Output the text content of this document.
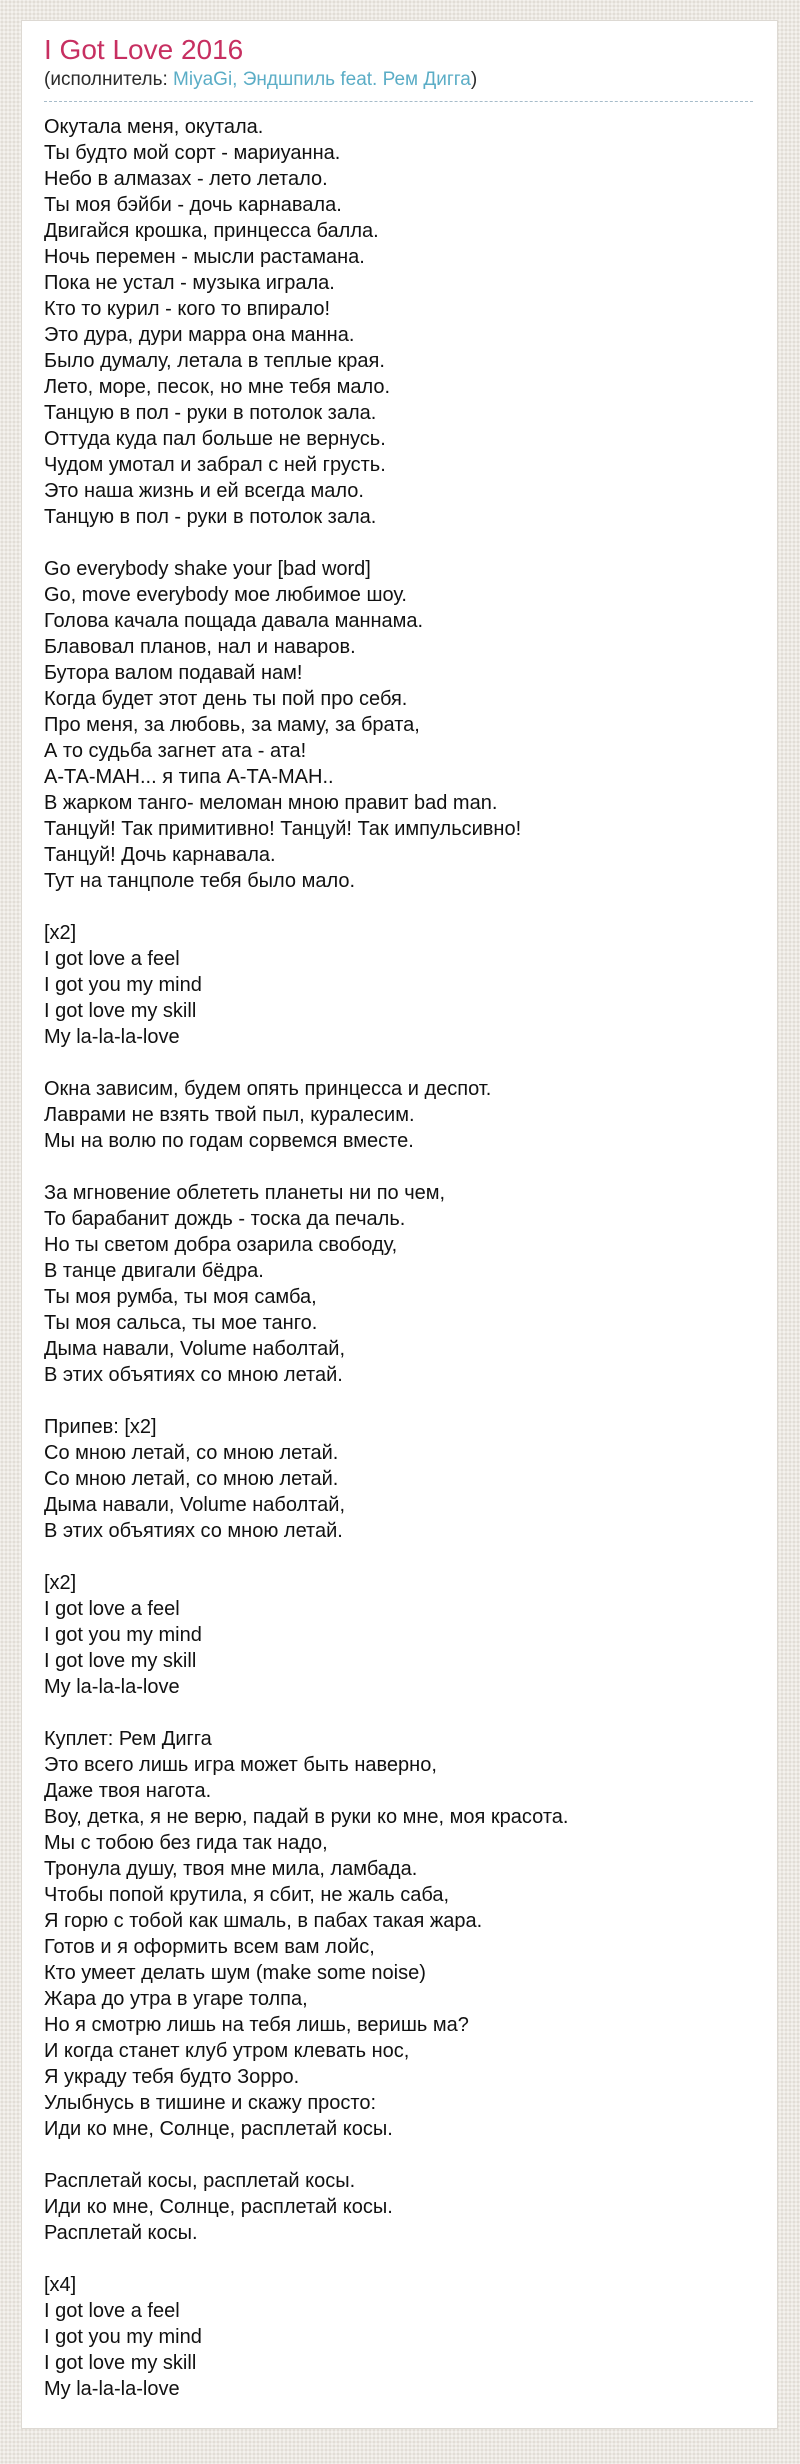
I Got Love 2016

(исполнитель: MiyaGi, Эндшпиль feat. Рем Дигга)

Окутала меня, окутала.
Ты будто мой сорт - мариуанна.
Небо в алмазах - лето летало.
Ты моя бэйби - дочь карнавала.
Двигайся крошка, принцесса балла.
Ночь перемен - мысли растамана.
Пока не устал - музыка играла.
Кто то курил - кого то впирало!
Это дура, дури марра она манна.
Было думалу, летала в теплые края.
Лето, море, песок, но мне тебя мало.
Танцую в пол - руки в потолок зала.
Оттуда куда пал больше не вернусь.
Чудом умотал и забрал с ней грусть.
Это наша жизнь и ей всегда мало.
Танцую в пол - руки в потолок зала.
Go everybody shake your [bad word]
Go, move everybody мое любимое шоу.
Голова качала пощада давала маннама.
Блавовал планов, нал и наваров.
Бутора валом подавай нам!
Когда будет этот день ты пой про себя.
Про меня, за любовь, за маму, за брата,
А то судьба загнет ата - ата!
А-ТА-МАН... я типа А-ТА-МАН..
В жарком танго- меломан мною правит bad man.
Танцуй! Так примитивно! Танцуй! Так импульсивно!
Танцуй! Дочь карнавала.
Тут на танцполе тебя было мало.
[x2]
I got love a feel
I got you my mind
I got love my skill
My la-la-la-love
Окна зависим, будем опять принцесса и деспот.
Лаврами не взять твой пыл, куралесим.
Мы на волю по годам сорвемся вместе.
За мгновение облететь планеты ни по чем,
То барабанит дождь - тоска да печаль.
Но ты светом добра озарила свободу,
В танце двигали бёдра.
Ты моя румба, ты моя самба,
Ты моя сальса, ты мое танго.
Дыма навали, Volume наболтай,
В этих объятиях со мною летай.
Припев: [x2]
Со мною летай, со мною летай.
Со мною летай, со мною летай.
Дыма навали, Volume наболтай,
В этих объятиях со мною летай.
[x2]
I got love a feel
I got you my mind
I got love my skill
My la-la-la-love
Куплет: Рем Дигга
Это всего лишь игра может быть наверно,
Даже твоя нагота.
Воу, детка, я не верю, падай в руки ко мне, моя красота.
Мы с тобою без гида так надо,
Тронула душу, твоя мне мила, ламбада.
Чтобы попой крутила, я сбит, не жаль саба,
Я горю с тобой как шмаль, в пабах такая жара.
Готов и я оформить всем вам лойс,
Кто умеет делать шум (make some noise)
Жара до утра в угаре толпа,
Но я смотрю лишь на тебя лишь, веришь ма?
И когда станет клуб утром клевать нос,
Я украду тебя будто Зорро.
Улыбнусь в тишине и скажу просто:
Иди ко мне, Солнце, расплетай косы.
Расплетай косы, расплетай косы.
Иди ко мне, Солнце, расплетай косы.
Расплетай косы.
[x4]
I got love a feel
I got you my mind
I got love my skill
My la-la-la-love
